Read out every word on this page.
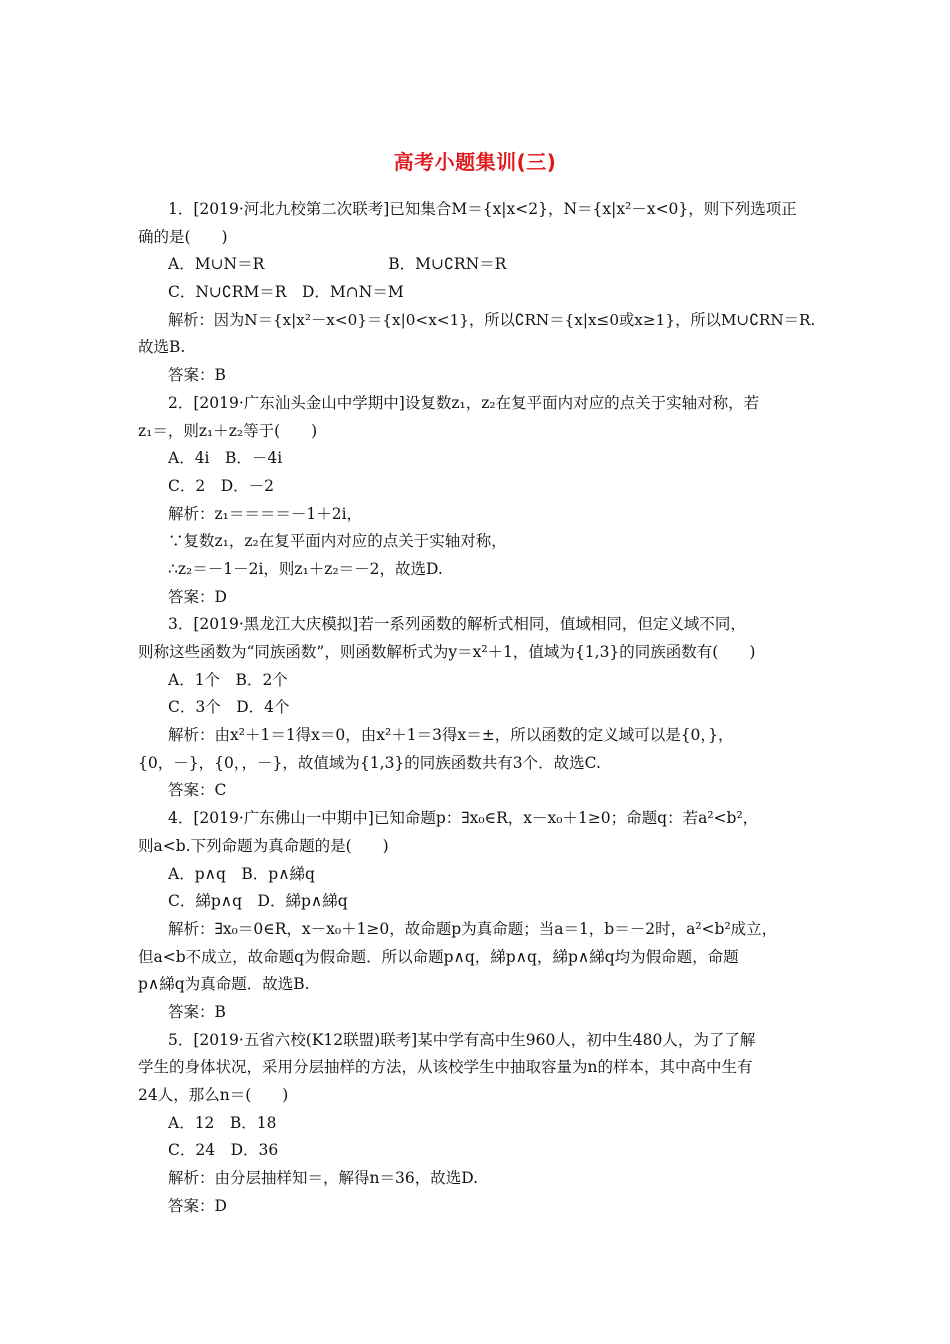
高考小题集训(三)
1．[2019·河北九校第二次联考]已知集合M＝{x|x<2}，N＝{x|x²－x<0}，则下列选项正
确的是(　　)
A．M∪N＝R　　　　　　　　B．M∪∁RN＝R
C．N∪∁RM＝R　D．M∩N＝M
解析：因为N＝{x|x²－x<0}＝{x|0<x<1}，所以∁RN＝{x|x≤0或x≥1}，所以M∪∁RN＝R.
故选B.
答案：B
2．[2019·广东汕头金山中学期中]设复数z₁，z₂在复平面内对应的点关于实轴对称，若
z₁＝，则z₁＋z₂等于(　　)
A．4i　B．－4i
C．2　D．－2
解析：z₁＝＝＝＝－1＋2i，
∵复数z₁，z₂在复平面内对应的点关于实轴对称，
∴z₂＝－1－2i，则z₁＋z₂＝－2，故选D.
答案：D
3．[2019·黑龙江大庆模拟]若一系列函数的解析式相同，值域相同，但定义域不同，
则称这些函数为“同族函数”，则函数解析式为y＝x²＋1，值域为{1,3}的同族函数有(　　)
A．1个　B．2个
C．3个　D．4个
解析：由x²＋1＝1得x＝0，由x²＋1＝3得x＝±，所以函数的定义域可以是{0，}，
{0，－}，{0，，－}，故值域为{1,3}的同族函数共有3个．故选C.
答案：C
4．[2019·广东佛山一中期中]已知命题p：∃x₀∈R，x－x₀＋1≥0；命题q：若a²<b²，
则a<b.下列命题为真命题的是(　　)
A．p∧q　B．p∧綈q
C．綈p∧q　D．綈p∧綈q
解析：∃x₀＝0∈R，x－x₀＋1≥0，故命题p为真命题；当a＝1，b＝－2时，a²<b²成立，
但a<b不成立，故命题q为假命题．所以命题p∧q，綈p∧q，綈p∧綈q均为假命题，命题
p∧綈q为真命题．故选B.
答案：B
5．[2019·五省六校(K12联盟)联考]某中学有高中生960人，初中生480人，为了了解
学生的身体状况，采用分层抽样的方法，从该校学生中抽取容量为n的样本，其中高中生有
24人，那么n＝(　　)
A．12　B．18
C．24　D．36
解析：由分层抽样知＝，解得n＝36，故选D.
答案：D
